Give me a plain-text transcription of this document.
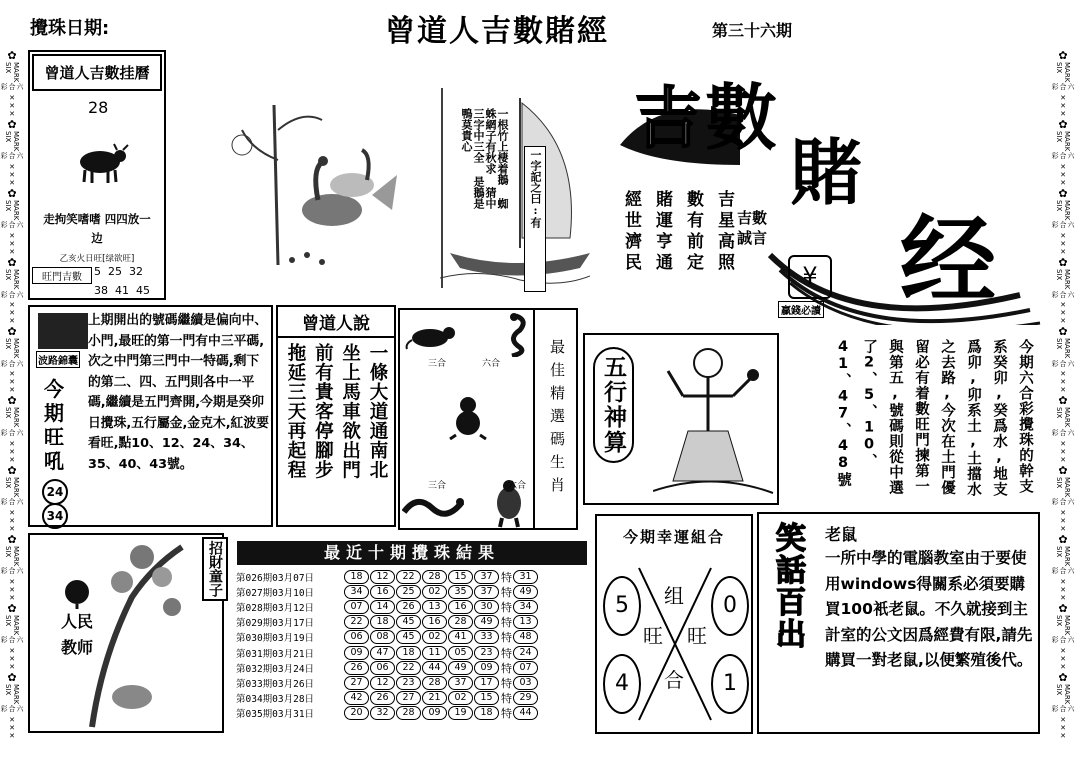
攪珠日期:	曾道人吉數賭經	第三十六期
✿
MARK SIX
六合彩
✕✕✕
✿
MARK SIX
六合彩
✕✕✕
✿
MARK SIX
六合彩
✕✕✕
✿
MARK SIX
六合彩
✕✕✕
✿
MARK SIX
六合彩
✕✕✕
✿
MARK SIX
六合彩
✕✕✕
✿
MARK SIX
六合彩
✕✕✕
✿
MARK SIX
六合彩
✕✕✕
✿
MARK SIX
六合彩
✕✕✕
✿
MARK SIX
六合彩
✕✕✕
✿
MARK SIX
六合彩
✕✕✕
✿
MARK SIX
六合彩
✕✕✕
✿
MARK SIX
六合彩
✕✕✕
✿
MARK SIX
六合彩
✕✕✕
✿
MARK SIX
六合彩
✕✕✕
✿
MARK SIX
六合彩
✕✕✕
✿
MARK SIX
六合彩
✕✕✕
✿
MARK SIX
六合彩
✕✕✕
✿
MARK SIX
六合彩
✕✕✕
✿
MARK SIX
六合彩
✕✕✕
曾道人吉數挂曆
28
走拘笑嗜嗜 四四放一边
乙亥火日旺[绿欲旺]
旺門吉數	5  25  32
38  41  45
一根竹上棲着鵝 蜘蛛網子有秋求 猜中三字中三全 是鵝是鴨莫貴心
一字記之曰:有
吉 數
賭
经
¥
贏錢必讀
吉星高照
數有前定
賭運亨通
經世濟民	吉數誠言
波路錦囊
今期旺吼
24
34
上期開出的號碼繼續是偏向中、小門,最旺的第一門有中三平碼,次之中門第三門中一特碼,剩下的第二、四、五門則各中一平碼,繼續是五門齊開,今期是癸卯日攪珠,五行屬金,金克木,紅波要看旺,點10、12、24、34、35、40、43號。
曾道人說
一條大道通南北
坐上馬車欲出門
前有貴客停腳步
拖延三天再起程	三合	六合
三合	六合	最佳精選碼生肖	五行神算	今期六合彩攪珠的幹支系癸卯,癸爲水,地支爲卯,卯系土,土擋水之去路,今次在土門優留必有着數旺門揀第一與第五,號碼則從中選了2、5、10、41、47、48號
人民教师
招財童子	最近十期攪珠結果
第026期03月07日	18	12	22	28	15	37 特 31
第027期03月10日	34	16	25	02	35	37 特 49
第028期03月12日	07	14	26	13	16	30 特 34
第029期03月17日	22	18	45	16	28	49 特 13
第030期03月19日	06	08	45	02	41	33 特 48
第031期03月21日	09	47	18	11	05	23 特 24
第032期03月24日	26	06	22	44	49	09 特 07
第033期03月26日	27	12	23	28	37	17 特 03
第034期03月28日	42	26	27	21	02	15 特 29
第035期03月31日	20	32	28	09	19	18 特 44
今期幸運組合
5
4
0
1
组
旺 旺
合
笑話百出 老鼠
一所中學的電腦教室由于要使用windows得關系必須要購買100衹老鼠。不久就接到主計室的公文因爲經費有限,請先購買一對老鼠,以便繁殖後代。
